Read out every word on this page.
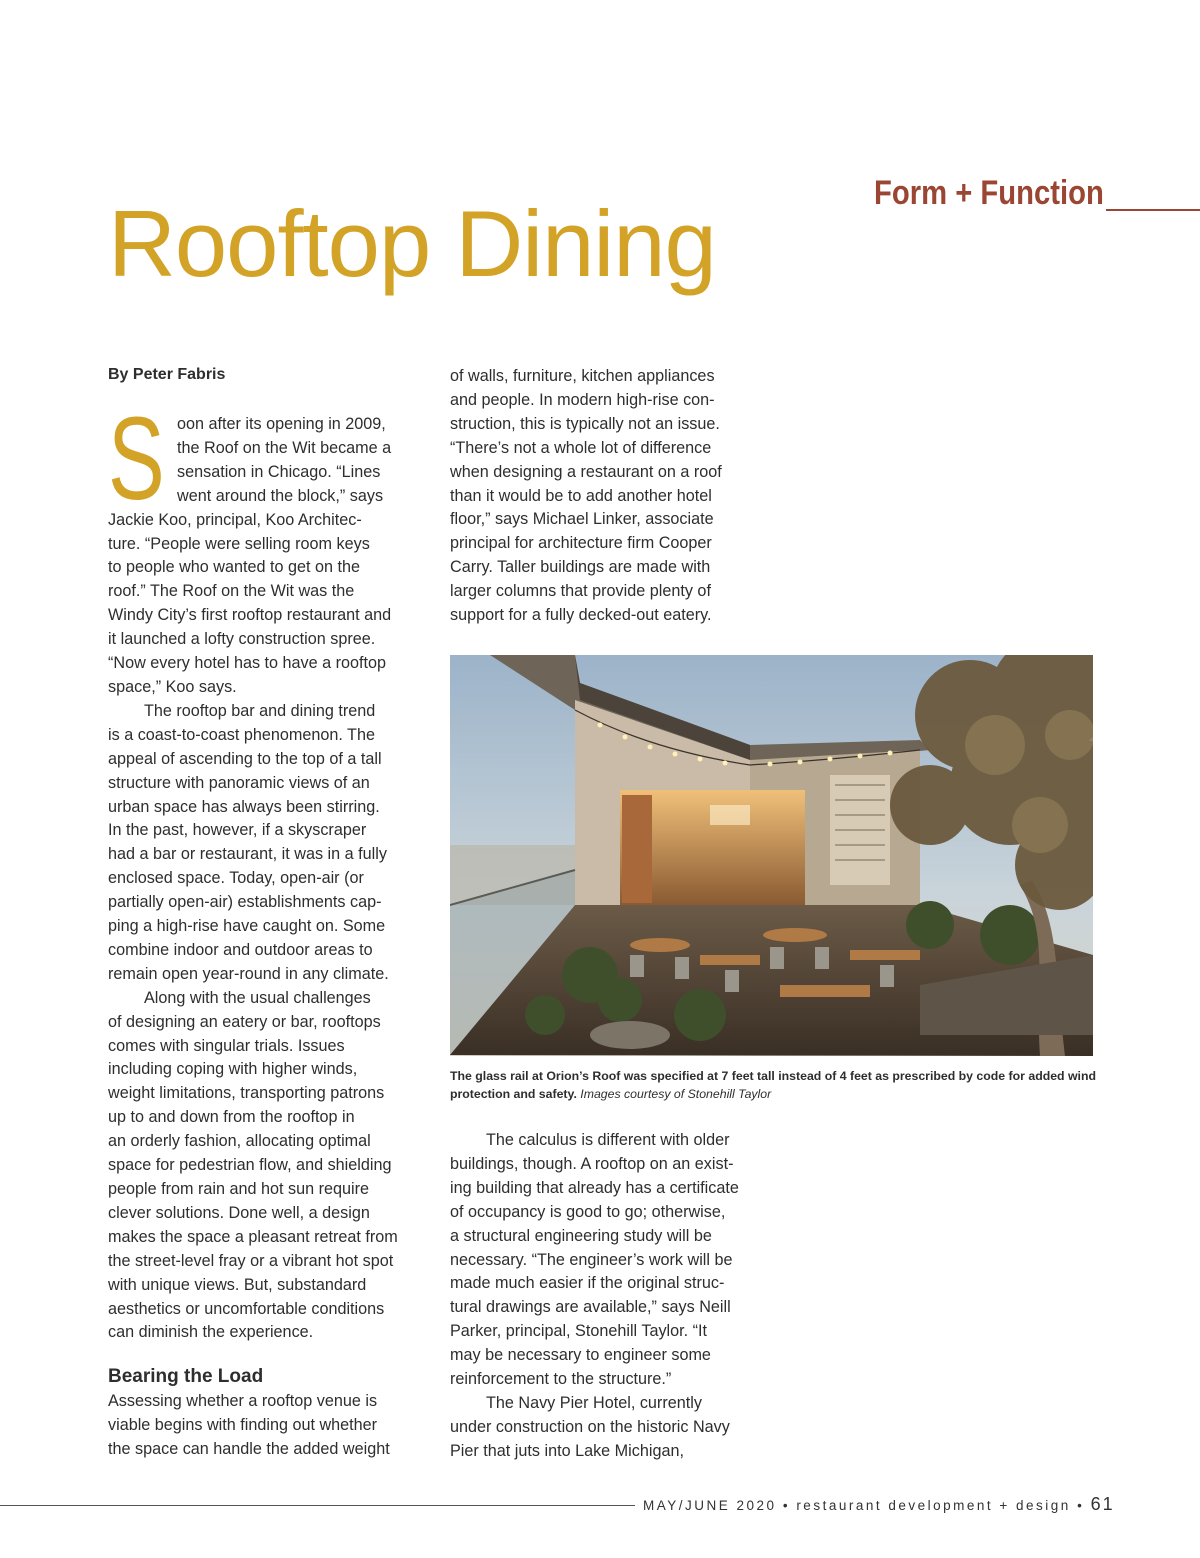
Form + Function
Rooftop Dining
By Peter Fabris
S oon after its opening in 2009,
the Roof on the Wit became a
sensation in Chicago. “Lines
went around the block,” says
Jackie Koo, principal, Koo Architec-
ture. “People were selling room keys
to people who wanted to get on the
roof.” The Roof on the Wit was the
Windy City’s first rooftop restaurant and
it launched a lofty construction spree.
“Now every hotel has to have a rooftop
space,” Koo says.
The rooftop bar and dining trend
is a coast-to-coast phenomenon. The
appeal of ascending to the top of a tall
structure with panoramic views of an
urban space has always been stirring.
In the past, however, if a skyscraper
had a bar or restaurant, it was in a fully
enclosed space. Today, open-air (or
partially open-air) establishments cap-
ping a high-rise have caught on. Some
combine indoor and outdoor areas to
remain open year-round in any climate.
Along with the usual challenges
of designing an eatery or bar, rooftops
comes with singular trials. Issues
including coping with higher winds,
weight limitations, transporting patrons
up to and down from the rooftop in
an orderly fashion, allocating optimal
space for pedestrian flow, and shielding
people from rain and hot sun require
clever solutions. Done well, a design
makes the space a pleasant retreat from
the street-level fray or a vibrant hot spot
with unique views. But, substandard
aesthetics or uncomfortable conditions
can diminish the experience.
Bearing the Load
Assessing whether a rooftop venue is
viable begins with finding out whether
the space can handle the added weight
of walls, furniture, kitchen appliances
and people. In modern high-rise con-
struction, this is typically not an issue.
“There’s not a whole lot of difference
when designing a restaurant on a roof
than it would be to add another hotel
floor,” says Michael Linker, associate
principal for architecture firm Cooper
Carry. Taller buildings are made with
larger columns that provide plenty of
support for a fully decked-out eatery.
The glass rail at Orion’s Roof was specified at 7 feet tall instead of 4 feet as prescribed by code for added wind protection and safety. Images courtesy of Stonehill Taylor
The calculus is different with older
buildings, though. A rooftop on an exist-
ing building that already has a certificate
of occupancy is good to go; otherwise,
a structural engineering study will be
necessary. “The engineer’s work will be
made much easier if the original struc-
tural drawings are available,” says Neill
Parker, principal, Stonehill Taylor. “It
may be necessary to engineer some
reinforcement to the structure.”
The Navy Pier Hotel, currently
under construction on the historic Navy
Pier that juts into Lake Michigan,
MAY/JUNE 2020 • restaurant development + design • 61
